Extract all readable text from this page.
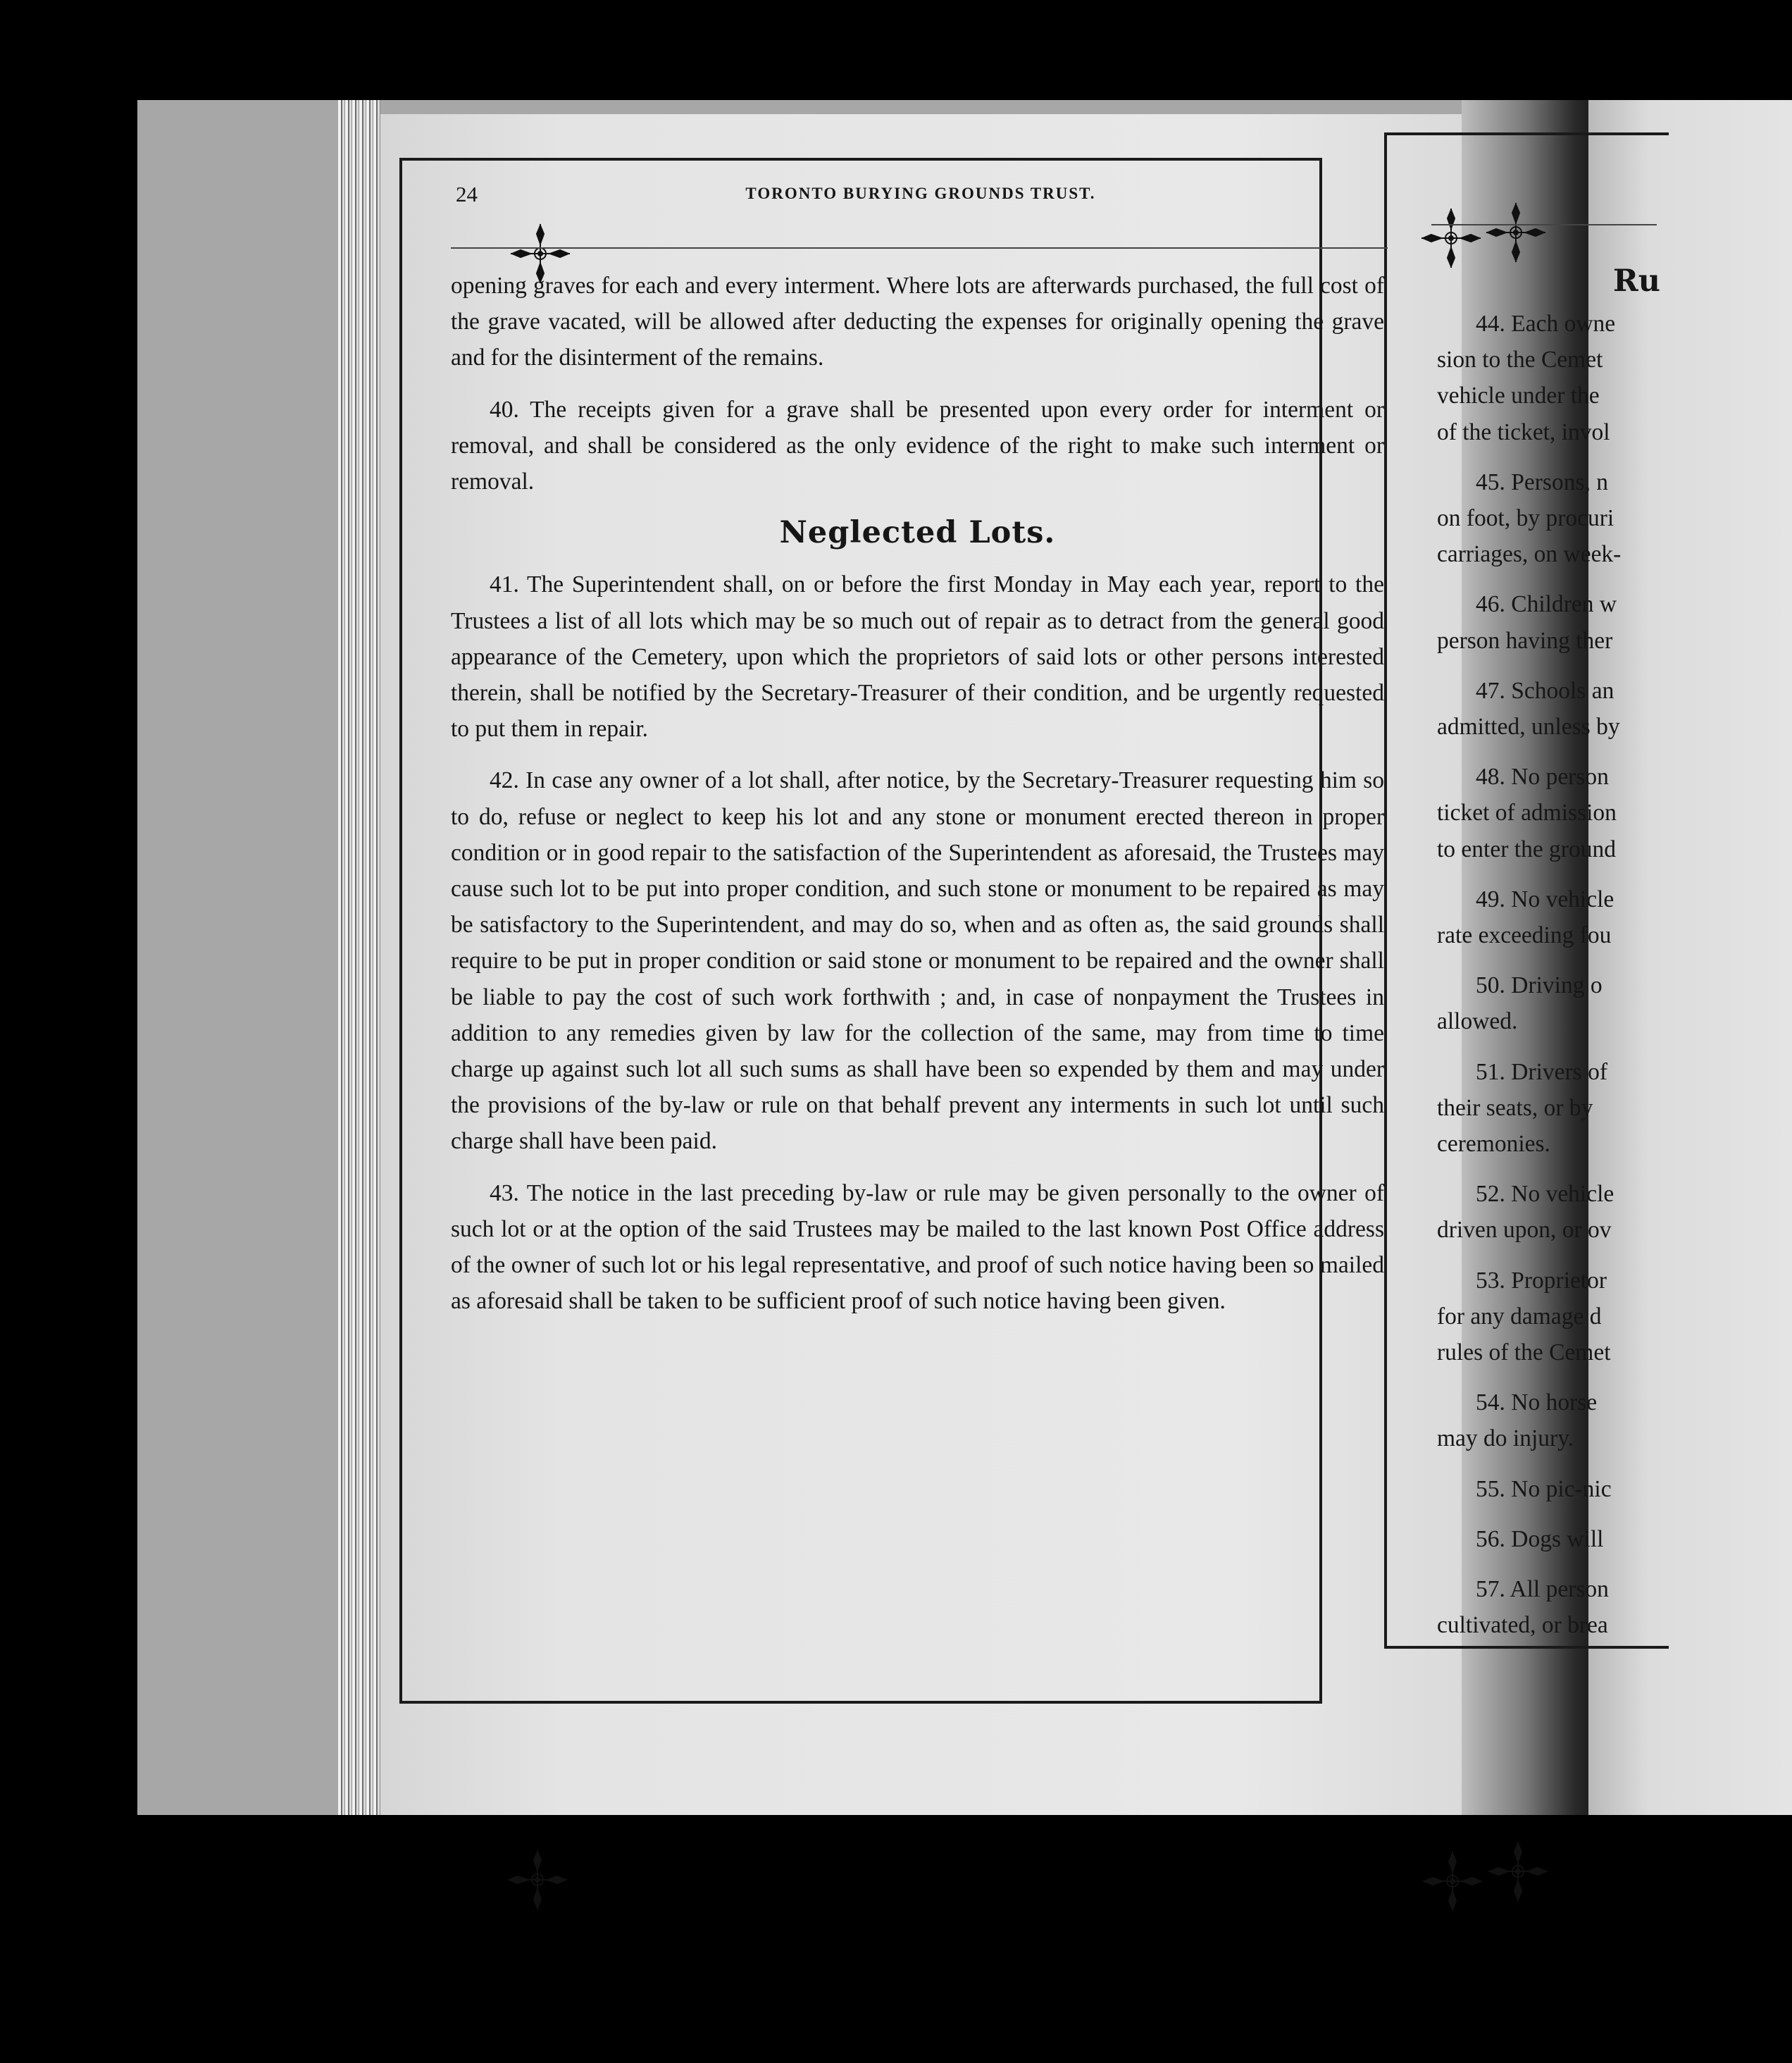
24	TORONTO BURYING GROUNDS TRUST.

opening graves for each and every interment. Where lots are afterwards purchased, the full cost of the grave vacated, will be allowed after deducting the expenses for originally opening the grave and for the disinterment of the remains.

40. The receipts given for a grave shall be presented upon every order for interment or removal, and shall be considered as the only evidence of the right to make such interment or removal.

Neglected Lots.

41. The Superintendent shall, on or before the first Monday in May each year, report to the Trustees a list of all lots which may be so much out of repair as to detract from the general good appearance of the Cemetery, upon which the proprietors of said lots or other persons interested therein, shall be notified by the Secretary-Treasurer of their condition, and be urgently requested to put them in repair.

42. In case any owner of a lot shall, after notice, by the Secretary-Treasurer requesting him so to do, refuse or neglect to keep his lot and any stone or monument erected thereon in proper condition or in good repair to the satisfaction of the Superintendent as aforesaid, the Trustees may cause such lot to be put into proper condition, and such stone or monument to be repaired as may be satisfactory to the Superintendent, and may do so, when and as often as, the said grounds shall require to be put in proper condition or said stone or monument to be repaired and the owner shall be liable to pay the cost of such work forthwith ; and, in case of nonpayment the Trustees in addition to any remedies given by law for the collection of the same, may from time to time charge up against such lot all such sums as shall have been so expended by them and may under the provisions of the by-law or rule on that behalf prevent any interments in such lot until such charge shall have been paid.

43. The notice in the last preceding by-law or rule may be given personally to the owner of such lot or at the option of the said Trustees may be mailed to the last known Post Office address of the owner of such lot or his legal representative, and proof of such notice having been so mailed as aforesaid shall be taken to be sufficient proof of such notice having been given.

Ru
44. Each owne
sion to the Cemet
vehicle under the
of the ticket, invol
45. Persons, n
on foot, by procuri
carriages, on week-
46. Children w
person having ther
47. Schools an
admitted, unless by
48. No person
ticket of admission
to enter the ground
49. No vehicle
rate exceeding fou
50. Driving o
allowed.
51. Drivers of
their seats, or by
ceremonies.
52. No vehicle
driven upon, or ov
53. Proprietor
for any damage d
rules of the Cemet
54. No horse
may do injury.
55. No pic-nic
56. Dogs will
57. All person
cultivated, or brea
